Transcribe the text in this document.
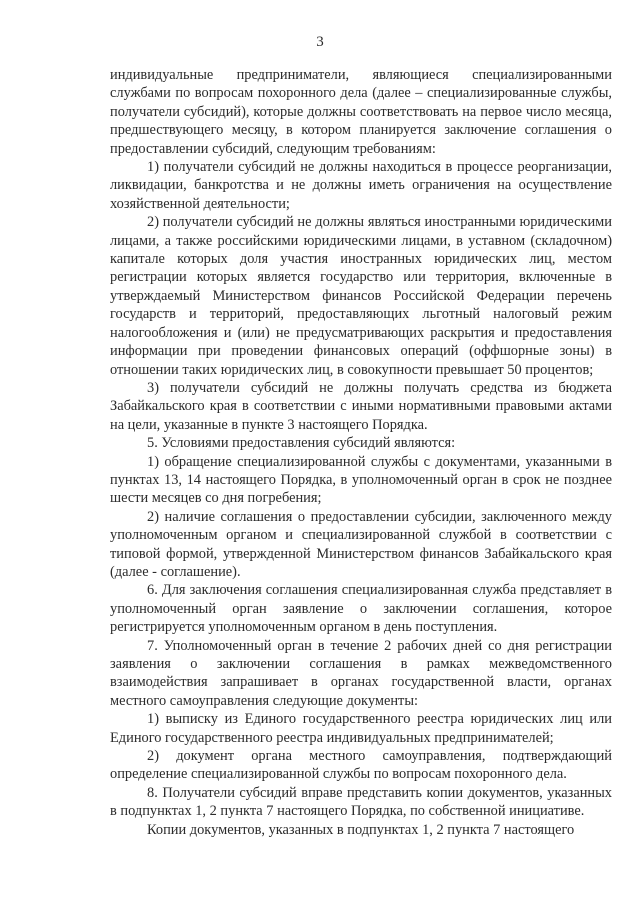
3

индивидуальные предприниматели, являющиеся специализированными службами по вопросам похоронного дела (далее – специализированные службы, получатели субсидий), которые должны соответствовать на первое число месяца, предшествующего месяцу, в котором планируется заключение соглашения о предоставлении субсидий, следующим требованиям:

1) получатели субсидий не должны находиться в процессе реорганизации, ликвидации, банкротства и не должны иметь ограничения на осуществление хозяйственной деятельности;

2) получатели субсидий не должны являться иностранными юридическими лицами, а также российскими юридическими лицами, в уставном (складочном) капитале которых доля участия иностранных юридических лиц, местом регистрации которых является государство или территория, включенные в утверждаемый Министерством финансов Российской Федерации перечень государств и территорий, предоставляющих льготный налоговый режим налогообложения и (или) не предусматривающих раскрытия и предоставления информации при проведении финансовых операций (оффшорные зоны) в отношении таких юридических лиц, в совокупности превышает 50 процентов;

3) получатели субсидий не должны получать средства из бюджета Забайкальского края в соответствии с иными нормативными правовыми актами на цели, указанные в пункте 3 настоящего Порядка.

5. Условиями предоставления субсидий являются:

1) обращение специализированной службы с документами, указанными в пунктах 13, 14 настоящего Порядка, в уполномоченный орган в срок не позднее шести месяцев со дня погребения;

2) наличие соглашения о предоставлении субсидии, заключенного между уполномоченным органом и специализированной службой в соответствии с типовой формой, утвержденной Министерством финансов Забайкальского края (далее - соглашение).

6. Для заключения соглашения специализированная служба представляет в уполномоченный орган заявление о заключении соглашения, которое регистрируется уполномоченным органом в день поступления.

7. Уполномоченный орган в течение 2 рабочих дней со дня регистрации заявления о заключении соглашения в рамках межведомственного взаимодействия запрашивает в органах государственной власти, органах местного самоуправления следующие документы:

1) выписку из Единого государственного реестра юридических лиц или Единого государственного реестра индивидуальных предпринимателей;

2) документ органа местного самоуправления, подтверждающий определение специализированной службы по вопросам похоронного дела.

8. Получатели субсидий вправе представить копии документов, указанных в подпунктах 1, 2 пункта 7 настоящего Порядка, по собственной инициативе.

Копии документов, указанных в подпунктах 1, 2 пункта 7 настоящего
